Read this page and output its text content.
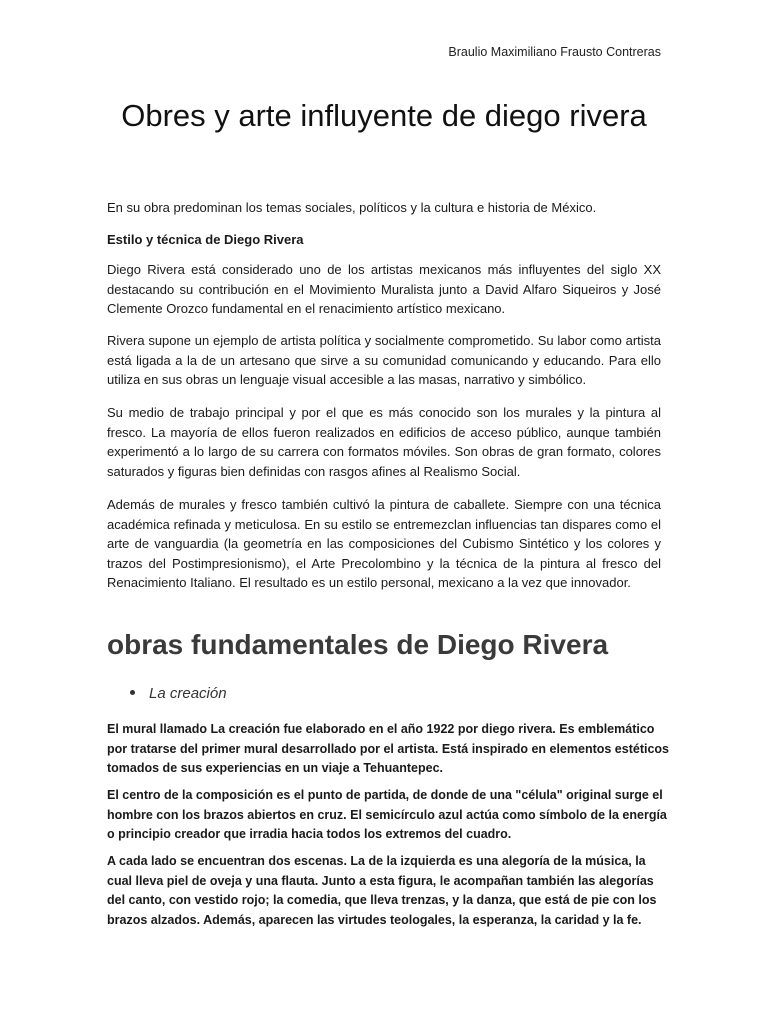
Braulio Maximiliano Frausto Contreras
Obres y arte influyente de diego rivera

En su obra predominan los temas sociales, políticos y la cultura e historia de México.

Estilo y técnica de Diego Rivera

Diego Rivera está considerado uno de los artistas mexicanos más influyentes del siglo XX destacando su contribución en el Movimiento Muralista junto a David Alfaro Siqueiros y José Clemente Orozco fundamental en el renacimiento artístico mexicano.

Rivera supone un ejemplo de artista política y socialmente comprometido. Su labor como artista está ligada a la de un artesano que sirve a su comunidad comunicando y educando. Para ello utiliza en sus obras un lenguaje visual accesible a las masas, narrativo y simbólico.

Su medio de trabajo principal y por el que es más conocido son los murales y la pintura al fresco. La mayoría de ellos fueron realizados en edificios de acceso público, aunque también experimentó a lo largo de su carrera con formatos móviles. Son obras de gran formato, colores saturados y figuras bien definidas con rasgos afines al Realismo Social.

Además de murales y fresco también cultivó la pintura de caballete. Siempre con una técnica académica refinada y meticulosa. En su estilo se entremezclan influencias tan dispares como el arte de vanguardia (la geometría en las composiciones del Cubismo Sintético y los colores y trazos del Postimpresionismo), el Arte Precolombino y la técnica de la pintura al fresco del Renacimiento Italiano. El resultado es un estilo personal, mexicano a la vez que innovador.

obras fundamentales de Diego Rivera
La creación

El mural llamado La creación fue elaborado en el año 1922 por diego rivera. Es emblemático por tratarse del primer mural desarrollado por el artista. Está inspirado en elementos estéticos tomados de sus experiencias en un viaje a Tehuantepec.

El centro de la composición es el punto de partida, de donde de una "célula" original surge el hombre con los brazos abiertos en cruz. El semicírculo azul actúa como símbolo de la energía o principio creador que irradia hacia todos los extremos del cuadro.

A cada lado se encuentran dos escenas. La de la izquierda es una alegoría de la música, la cual lleva piel de oveja y una flauta. Junto a esta figura, le acompañan también las alegorías del canto, con vestido rojo; la comedia, que lleva trenzas, y la danza, que está de pie con los brazos alzados. Además, aparecen las virtudes teologales, la esperanza, la caridad y la fe.
